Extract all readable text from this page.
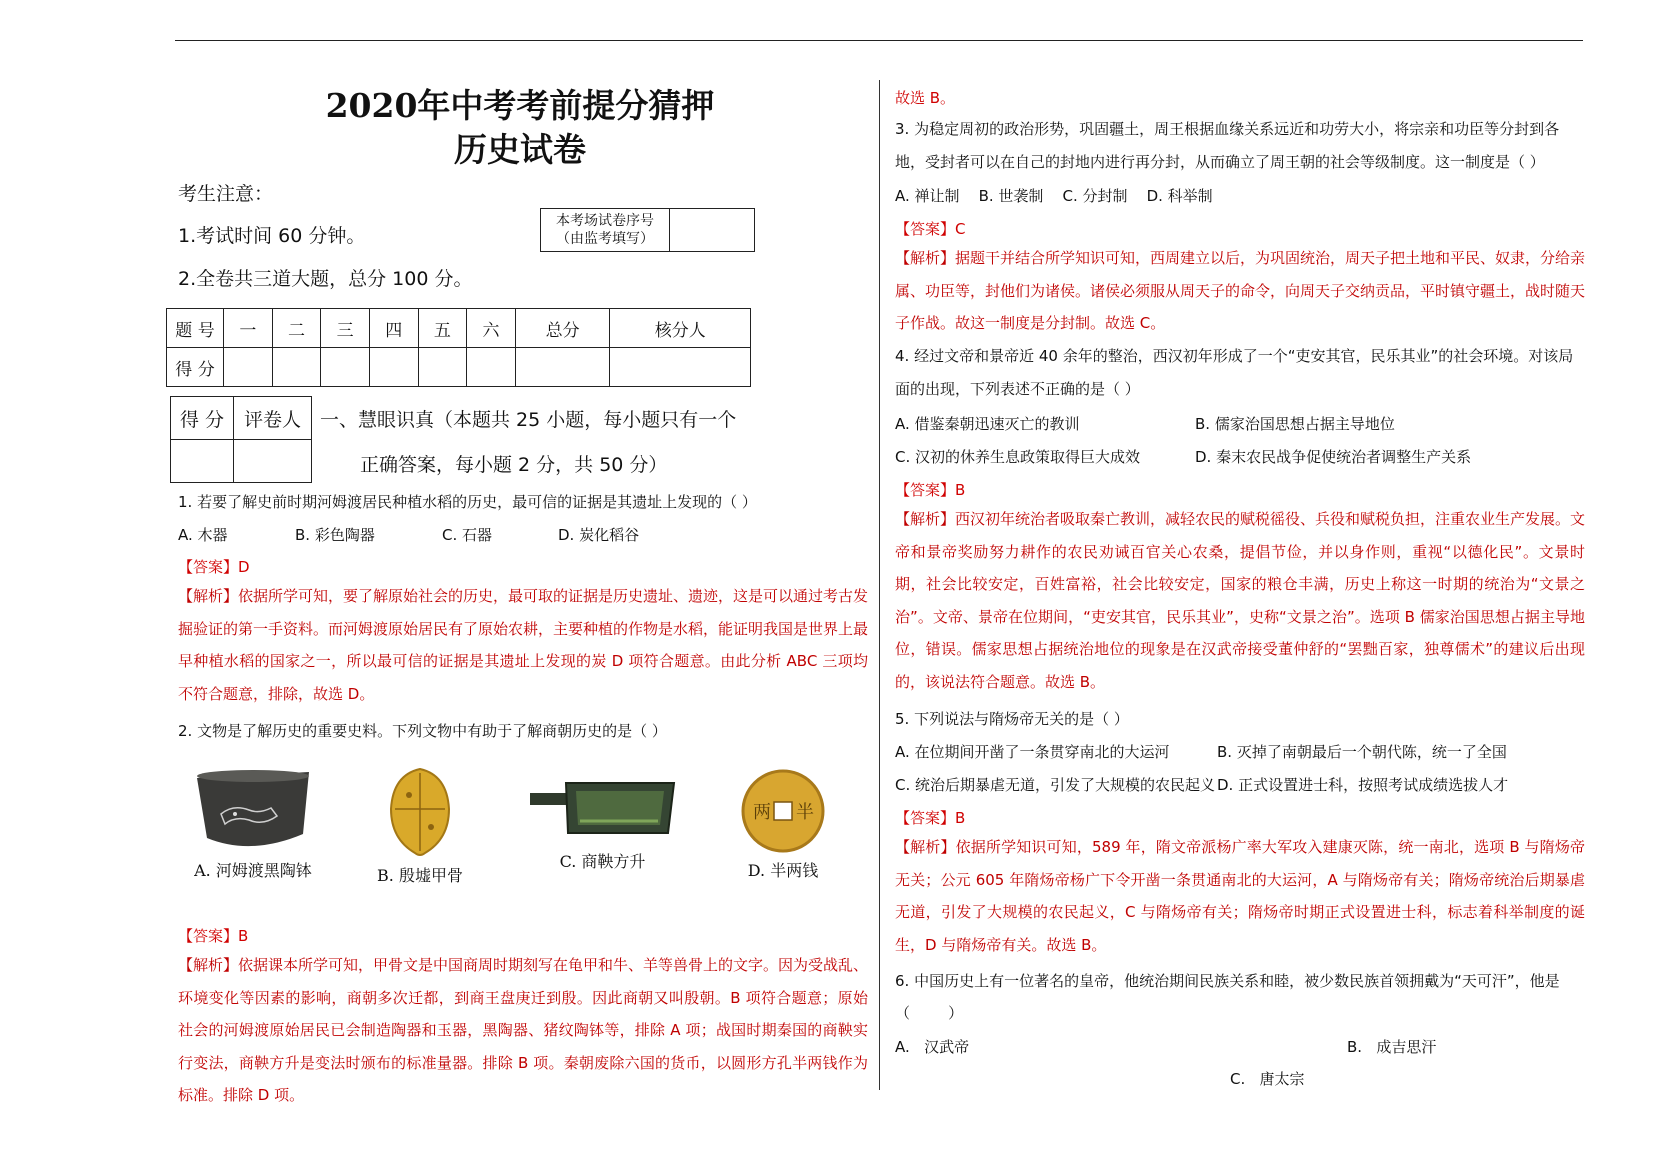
2020年中考考前提分猜押
历史试卷
考生注意：
1.考试时间 60 分钟。
2.全卷共三道大题，总分 100 分。
本考场试卷序号
（由监考填写）

题 号	一	二	三	四	五	六	总分	核分人
得 分								
得 分	评卷人
	一、慧眼识真（本题共 25 小题，每小题只有一个
正确答案，每小题 2 分，共 50 分）
1. 若要了解史前时期河姆渡居民种植水稻的历史，最可信的证据是其遗址上发现的（ ）
A. 木器	B. 彩色陶器	C. 石器	D. 炭化稻谷
【答案】D
【解析】依据所学可知，要了解原始社会的历史，最可取的证据是历史遗址、遗迹，这是可以通过考古发掘验证的第一手资料。而河姆渡原始居民有了原始农耕，主要种植的作物是水稻，能证明我国是世界上最早种植水稻的国家之一，所以最可信的证据是其遗址上发现的炭 D 项符合题意。由此分析 ABC 三项均不符合题意，排除，故选 D。
2. 文物是了解历史的重要史料。下列文物中有助于了解商朝历史的是（ ）
A. 河姆渡黑陶钵	B. 殷墟甲骨
C. 商鞅方升
两 半
D. 半两钱
【答案】B
【解析】依据课本所学可知，甲骨文是中国商周时期刻写在龟甲和牛、羊等兽骨上的文字。因为受战乱、环境变化等因素的影响，商朝多次迁都，到商王盘庚迁到殷。因此商朝又叫殷朝。B 项符合题意；原始社会的河姆渡原始居民已会制造陶器和玉器，黑陶器、猪纹陶钵等，排除 A 项；战国时期秦国的商鞅实行变法，商鞅方升是变法时颁布的标准量器。排除 B 项。秦朝废除六国的货币，以圆形方孔半两钱作为标准。排除 D 项。
故选 B。
3. 为稳定周初的政治形势，巩固疆土，周王根据血缘关系远近和功劳大小，将宗亲和功臣等分封到各地，受封者可以在自己的封地内进行再分封，从而确立了周王朝的社会等级制度。这一制度是（ ）
A. 禅让制    B. 世袭制    C. 分封制    D. 科举制
【答案】C
【解析】据题干并结合所学知识可知，西周建立以后，为巩固统治，周天子把土地和平民、奴隶，分给亲属、功臣等，封他们为诸侯。诸侯必须服从周天子的命令，向周天子交纳贡品，平时镇守疆土，战时随天子作战。故这一制度是分封制。故选 C。
4. 经过文帝和景帝近 40 余年的整治，西汉初年形成了一个“吏安其官，民乐其业”的社会环境。对该局面的出现，下列表述不正确的是（ ）
A. 借鉴秦朝迅速灭亡的教训	B. 儒家治国思想占据主导地位
C. 汉初的休养生息政策取得巨大成效	D. 秦末农民战争促使统治者调整生产关系
【答案】B
【解析】西汉初年统治者吸取秦亡教训，减轻农民的赋税徭役、兵役和赋税负担，注重农业生产发展。文帝和景帝奖励努力耕作的农民劝诫百官关心农桑，提倡节俭，并以身作则，重视“以德化民”。文景时期，社会比较安定，百姓富裕，社会比较安定，国家的粮仓丰满，历史上称这一时期的统治为“文景之治”。文帝、景帝在位期间，“吏安其官，民乐其业”，史称“文景之治”。选项 B 儒家治国思想占据主导地位，错误。儒家思想占据统治地位的现象是在汉武帝接受董仲舒的“罢黜百家，独尊儒术”的建议后出现的，该说法符合题意。故选 B。
5. 下列说法与隋炀帝无关的是（ ）
A. 在位期间开凿了一条贯穿南北的大运河	B. 灭掉了南朝最后一个朝代陈，统一了全国
C. 统治后期暴虐无道，引发了大规模的农民起义 D. 正式设置进士科，按照考试成绩选拔人才
【答案】B
【解析】依据所学知识可知，589 年，隋文帝派杨广率大军攻入建康灭陈，统一南北，选项 B 与隋炀帝无关；公元 605 年隋炀帝杨广下令开凿一条贯通南北的大运河，A 与隋炀帝有关；隋炀帝统治后期暴虐无道，引发了大规模的农民起义，C 与隋炀帝有关；隋炀帝时期正式设置进士科，标志着科举制度的诞生，D 与隋炀帝有关。故选 B。
6. 中国历史上有一位著名的皇帝，他统治期间民族关系和睦，被少数民族首领拥戴为“天可汗”，他是
（        ）
A.   汉武帝	B.   成吉思汗
C.   唐太宗
